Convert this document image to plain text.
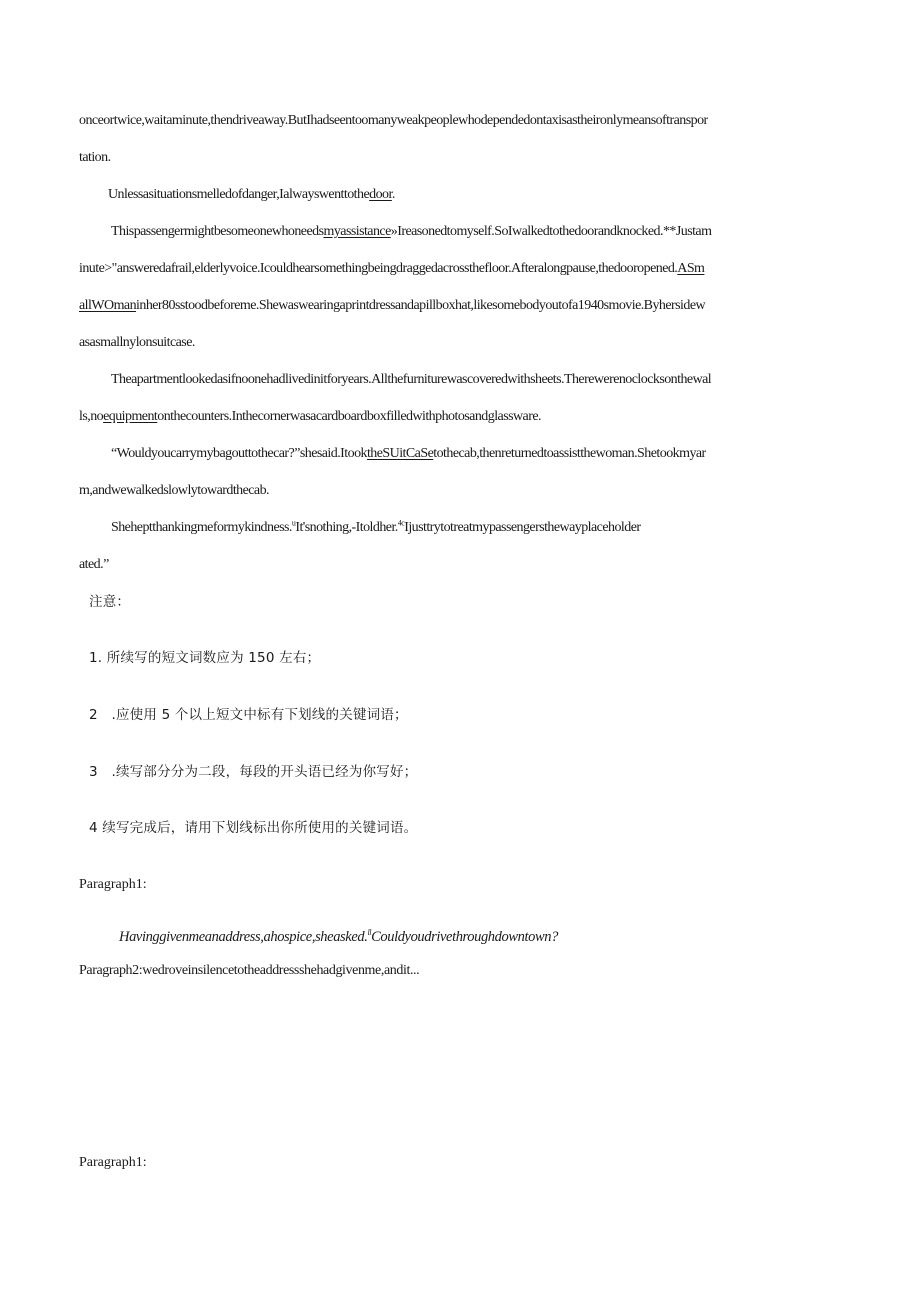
onceortwice,waitaminute,thendriveaway.ButIhadseentoomanyweakpeoplewhodependedontaxisastheironlymeansoftranspor
tation.
Unlessasituationsmelledofdanger,Ialwayswenttothedoor.
Thispassengermightbesomeonewhoneedsmyassistance»Ireasonedtomyself.SoIwalkedtothedoorandknocked.**Justam
inute>"answeredafrail,elderlyvoice.Icouldhearsomethingbeingdraggedacrossthefloor.Afteralongpause,thedooropened.ASm
allWOmaninher80sstoodbeforeme.Shewaswearingaprintdressandapillboxhat,likesomebodyoutofa1940smovie.Byhersidew
asasmallnylonsuitcase.
Theapartmentlookedasifnoonehadlivedinitforyears.Allthefurniturewascoveredwithsheets.Therewerenoclocksonthewal
ls,noequipmentonthecounters.Inthecornerwasacardboardboxfilledwithphotosandglassware.
“Wouldyoucarrymybagouttothecar?”shesaid.ItooktheSUitCaSetothecab,thenreturnedtoassistthewoman.Shetookmyar
m,andwewalkedslowlytowardthecab.
Sheheptthankingmeformykindness.$^u$It'snothing,-Itoldher.$^{4c}$Ijusttrytotreatmypassengersthewayplaceholder
ated.”
注意：
1. 所续写的短文词数应为 150 左右；
2　.应使用 5 个以上短文中标有下划线的关键词语；
3　.续写部分分为二段，每段的开头语已经为你写好；
4 续写完成后，请用下划线标出你所使用的关键词语。
Paragraph1:
Havinggivenmeanaddress,ahospice,sheasked.$^{ll}$Couldyoudrivethroughdowntown?
Paragraph2:wedroveinsilencetotheaddressshehadgivenme,andit...
Paragraph1:
